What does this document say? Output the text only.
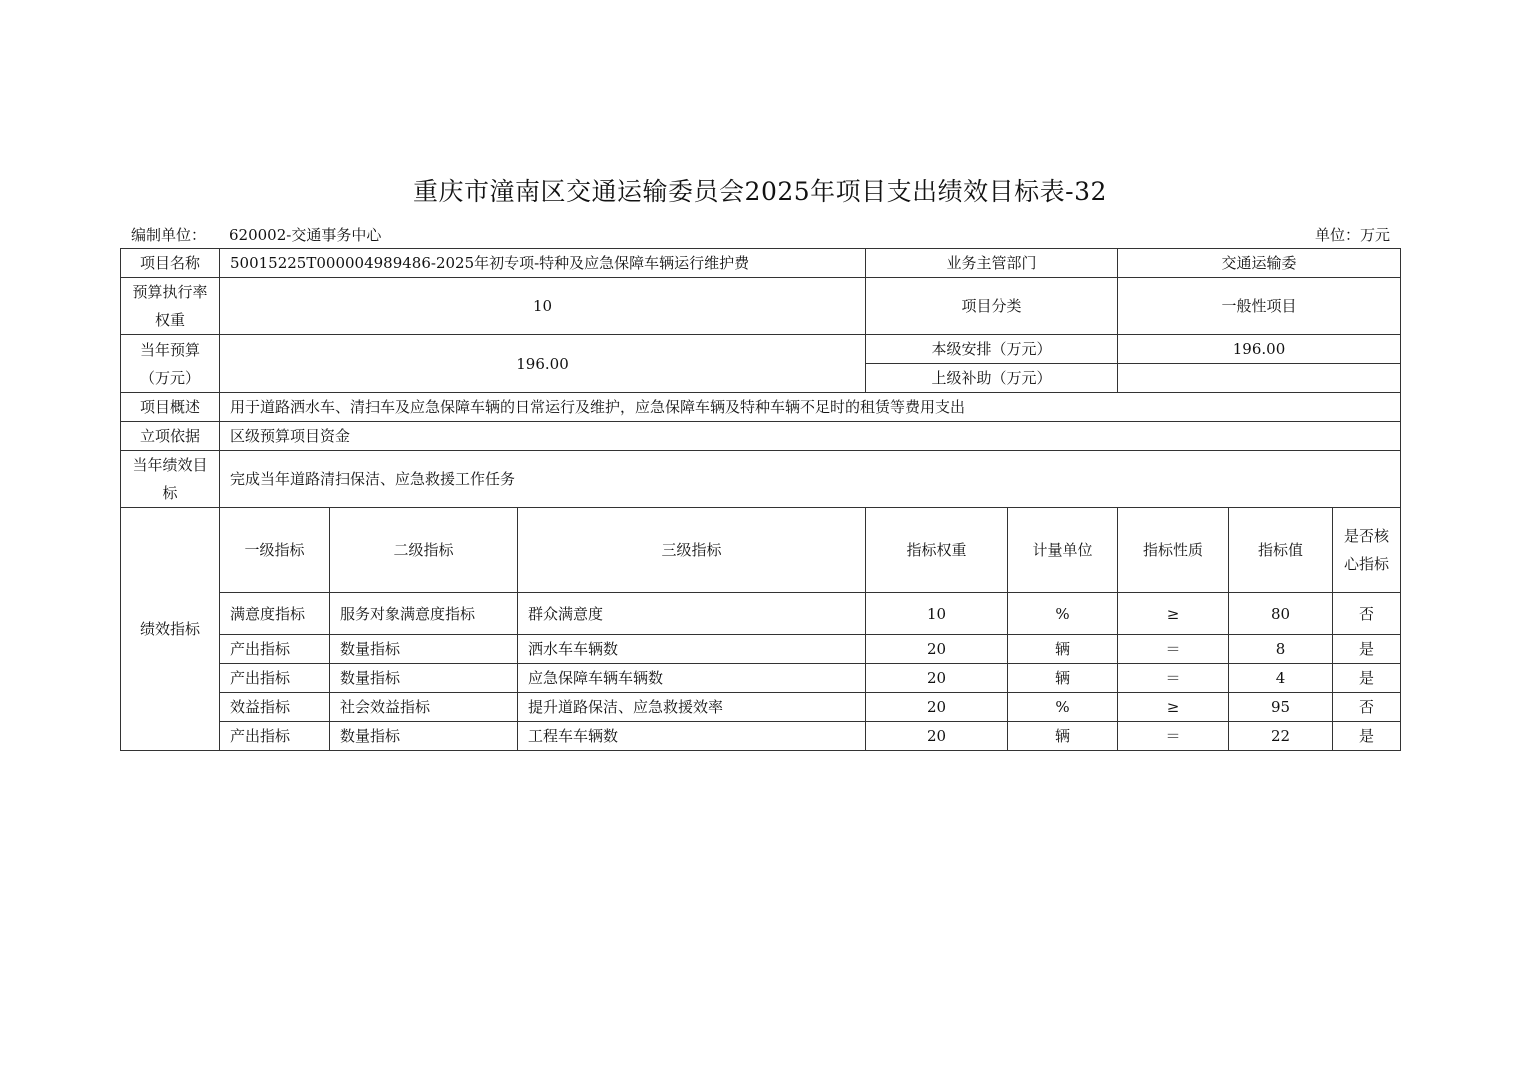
重庆市潼南区交通运输委员会2025年项目支出绩效目标表-32
编制单位： 620002-交通事务中心	单位：万元
项目名称	50015225T000004989486-2025年初专项-特种及应急保障车辆运行维护费			业务主管部门		交通运输委		
预算执行率权重	10			项目分类		一般性项目		
当年预算（万元）	196.00			本级安排（万元）		196.00		
				上级补助（万元）				
项目概述	用于道路洒水车、清扫车及应急保障车辆的日常运行及维护，应急保障车辆及特种车辆不足时的租赁等费用支出							
立项依据	区级预算项目资金							
当年绩效目标	完成当年道路清扫保洁、应急救援工作任务							
绩效指标	一级指标	二级指标	三级指标	指标权重	计量单位	指标性质	指标值	是否核心指标
	满意度指标	服务对象满意度指标	群众满意度	10	%	≥	80	否
	产出指标	数量指标	洒水车车辆数	20	辆	＝	8	是
	产出指标	数量指标	应急保障车辆车辆数	20	辆	＝	4	是
	效益指标	社会效益指标	提升道路保洁、应急救援效率	20	%	≥	95	否
	产出指标	数量指标	工程车车辆数	20	辆	＝	22	是
